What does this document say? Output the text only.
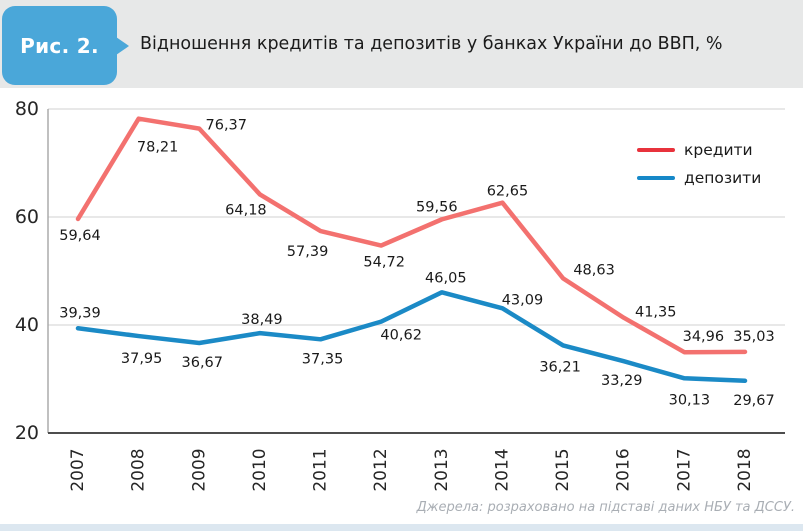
Рис. 2. Відношення кредитів та депозитів у банках України до ВВП, %
20
40
60
80
2007 2008 2009 2010 2011 2012 2013 2014 2015 2016 2017 2018
59,64
78,21
76,37
64,18
57,39
54,72
59,56
62,65
48,63
41,35
34,96 35,03
39,39
37,95 36,67
38,49
37,35
40,62
46,05
43,09
36,21
33,29
30,13 29,67
кредити
депозити
Джерела: розраховано на підставі даних НБУ та ДССУ.
